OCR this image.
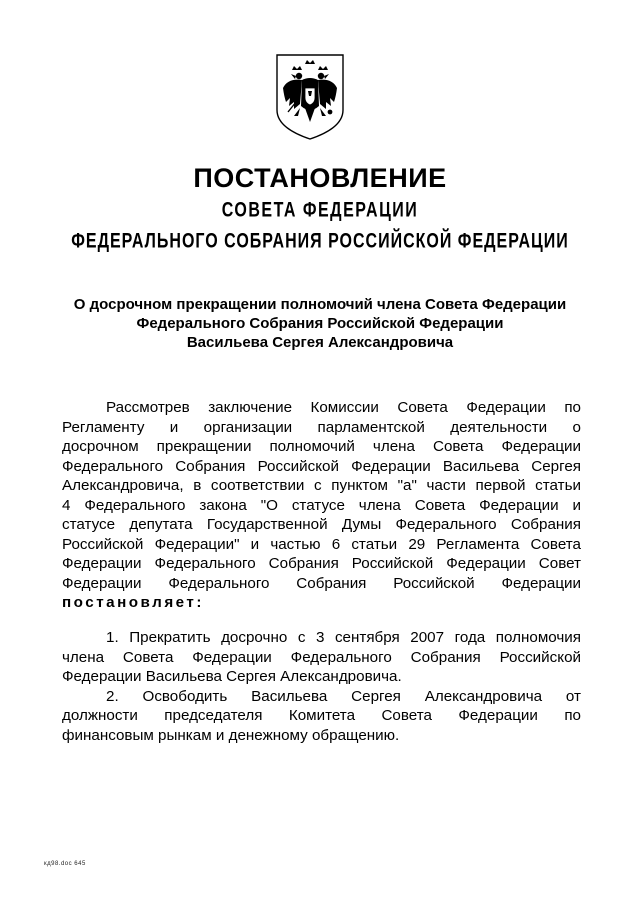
ПОСТАНОВЛЕНИЕ
СОВЕТА ФЕДЕРАЦИИ
ФЕДЕРАЛЬНОГО СОБРАНИЯ РОССИЙСКОЙ ФЕДЕРАЦИИ
О досрочном прекращении полномочий члена Совета Федерации
Федерального Собрания Российской Федерации
Васильева Сергея Александровича
Рассмотрев заключение Комиссии Совета Федерации по
Регламенту и организации парламентской деятельности о
досрочном прекращении полномочий члена Совета Федерации
Федерального Собрания Российской Федерации Васильева Сергея
Александровича, в соответствии с пунктом "а" части первой статьи
4 Федерального закона "О статусе члена Совета Федерации и
статусе депутата Государственной Думы Федерального Собрания
Российской Федерации" и частью 6 статьи 29 Регламента Совета
Федерации Федерального Собрания Российской Федерации Совет
Федерации Федерального Собрания Российской Федерации
постановляет:
1. Прекратить досрочно с 3 сентября 2007 года полномочия
члена Совета Федерации Федерального Собрания Российской
Федерации Васильева Сергея Александровича.
2. Освободить Васильева Сергея Александровича от
должности председателя Комитета Совета Федерации по
финансовым рынкам и денежному обращению.
кд98.doc 645
